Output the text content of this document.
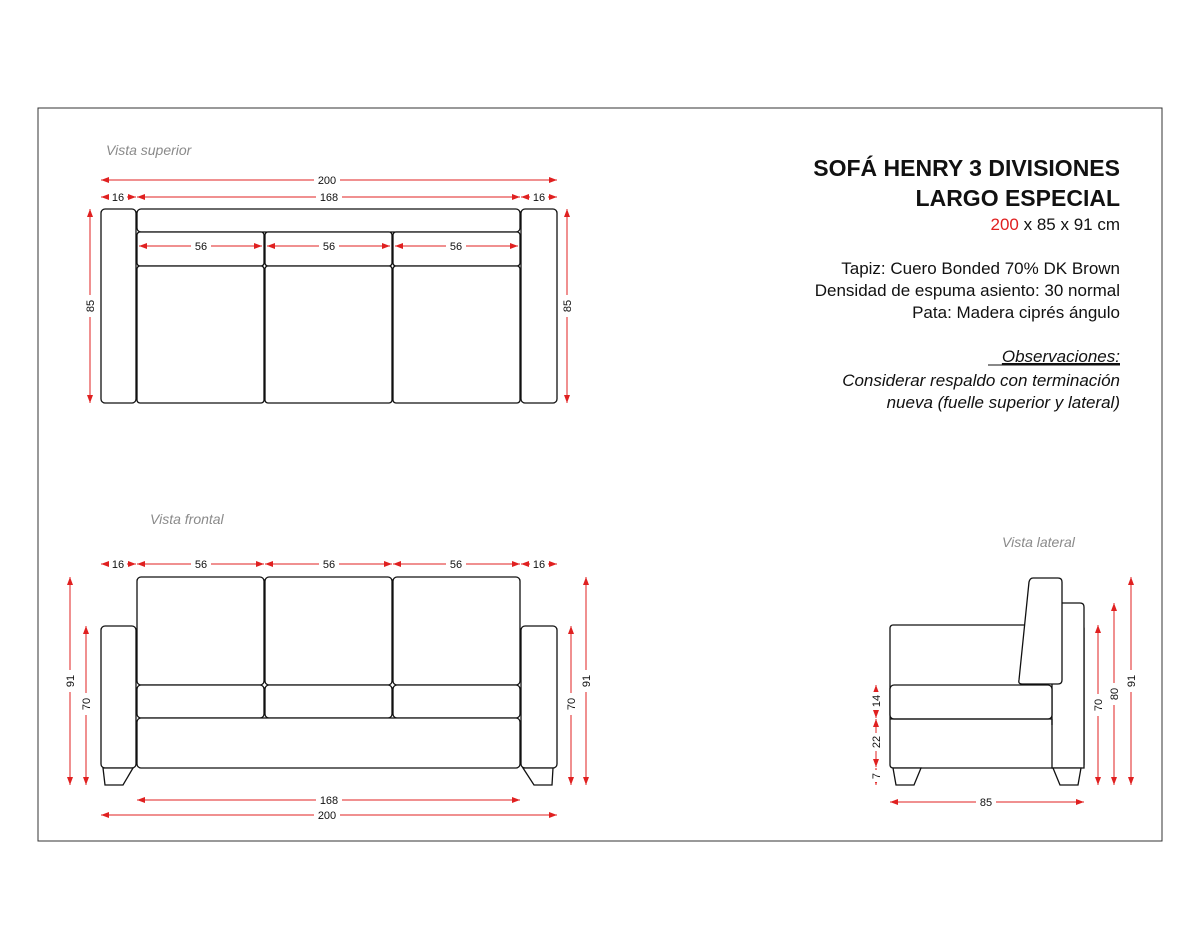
SOFÁ HENRY 3 DIVISIONES
LARGO ESPECIAL
200 x 85 x 91 cm
Tapiz: Cuero Bonded 70% DK Brown
Densidad de espuma asiento: 30 normal
Pata: Madera ciprés ángulo
Observaciones:
Considerar respaldo con terminación
nueva (fuelle superior y lateral)
Vista superior
200
16	168	16
56	56	56
85	85
Vista frontal
16	56	56	56	16
91
70	70
91
168
200
Vista lateral
14
22
7
70
80
91
85
